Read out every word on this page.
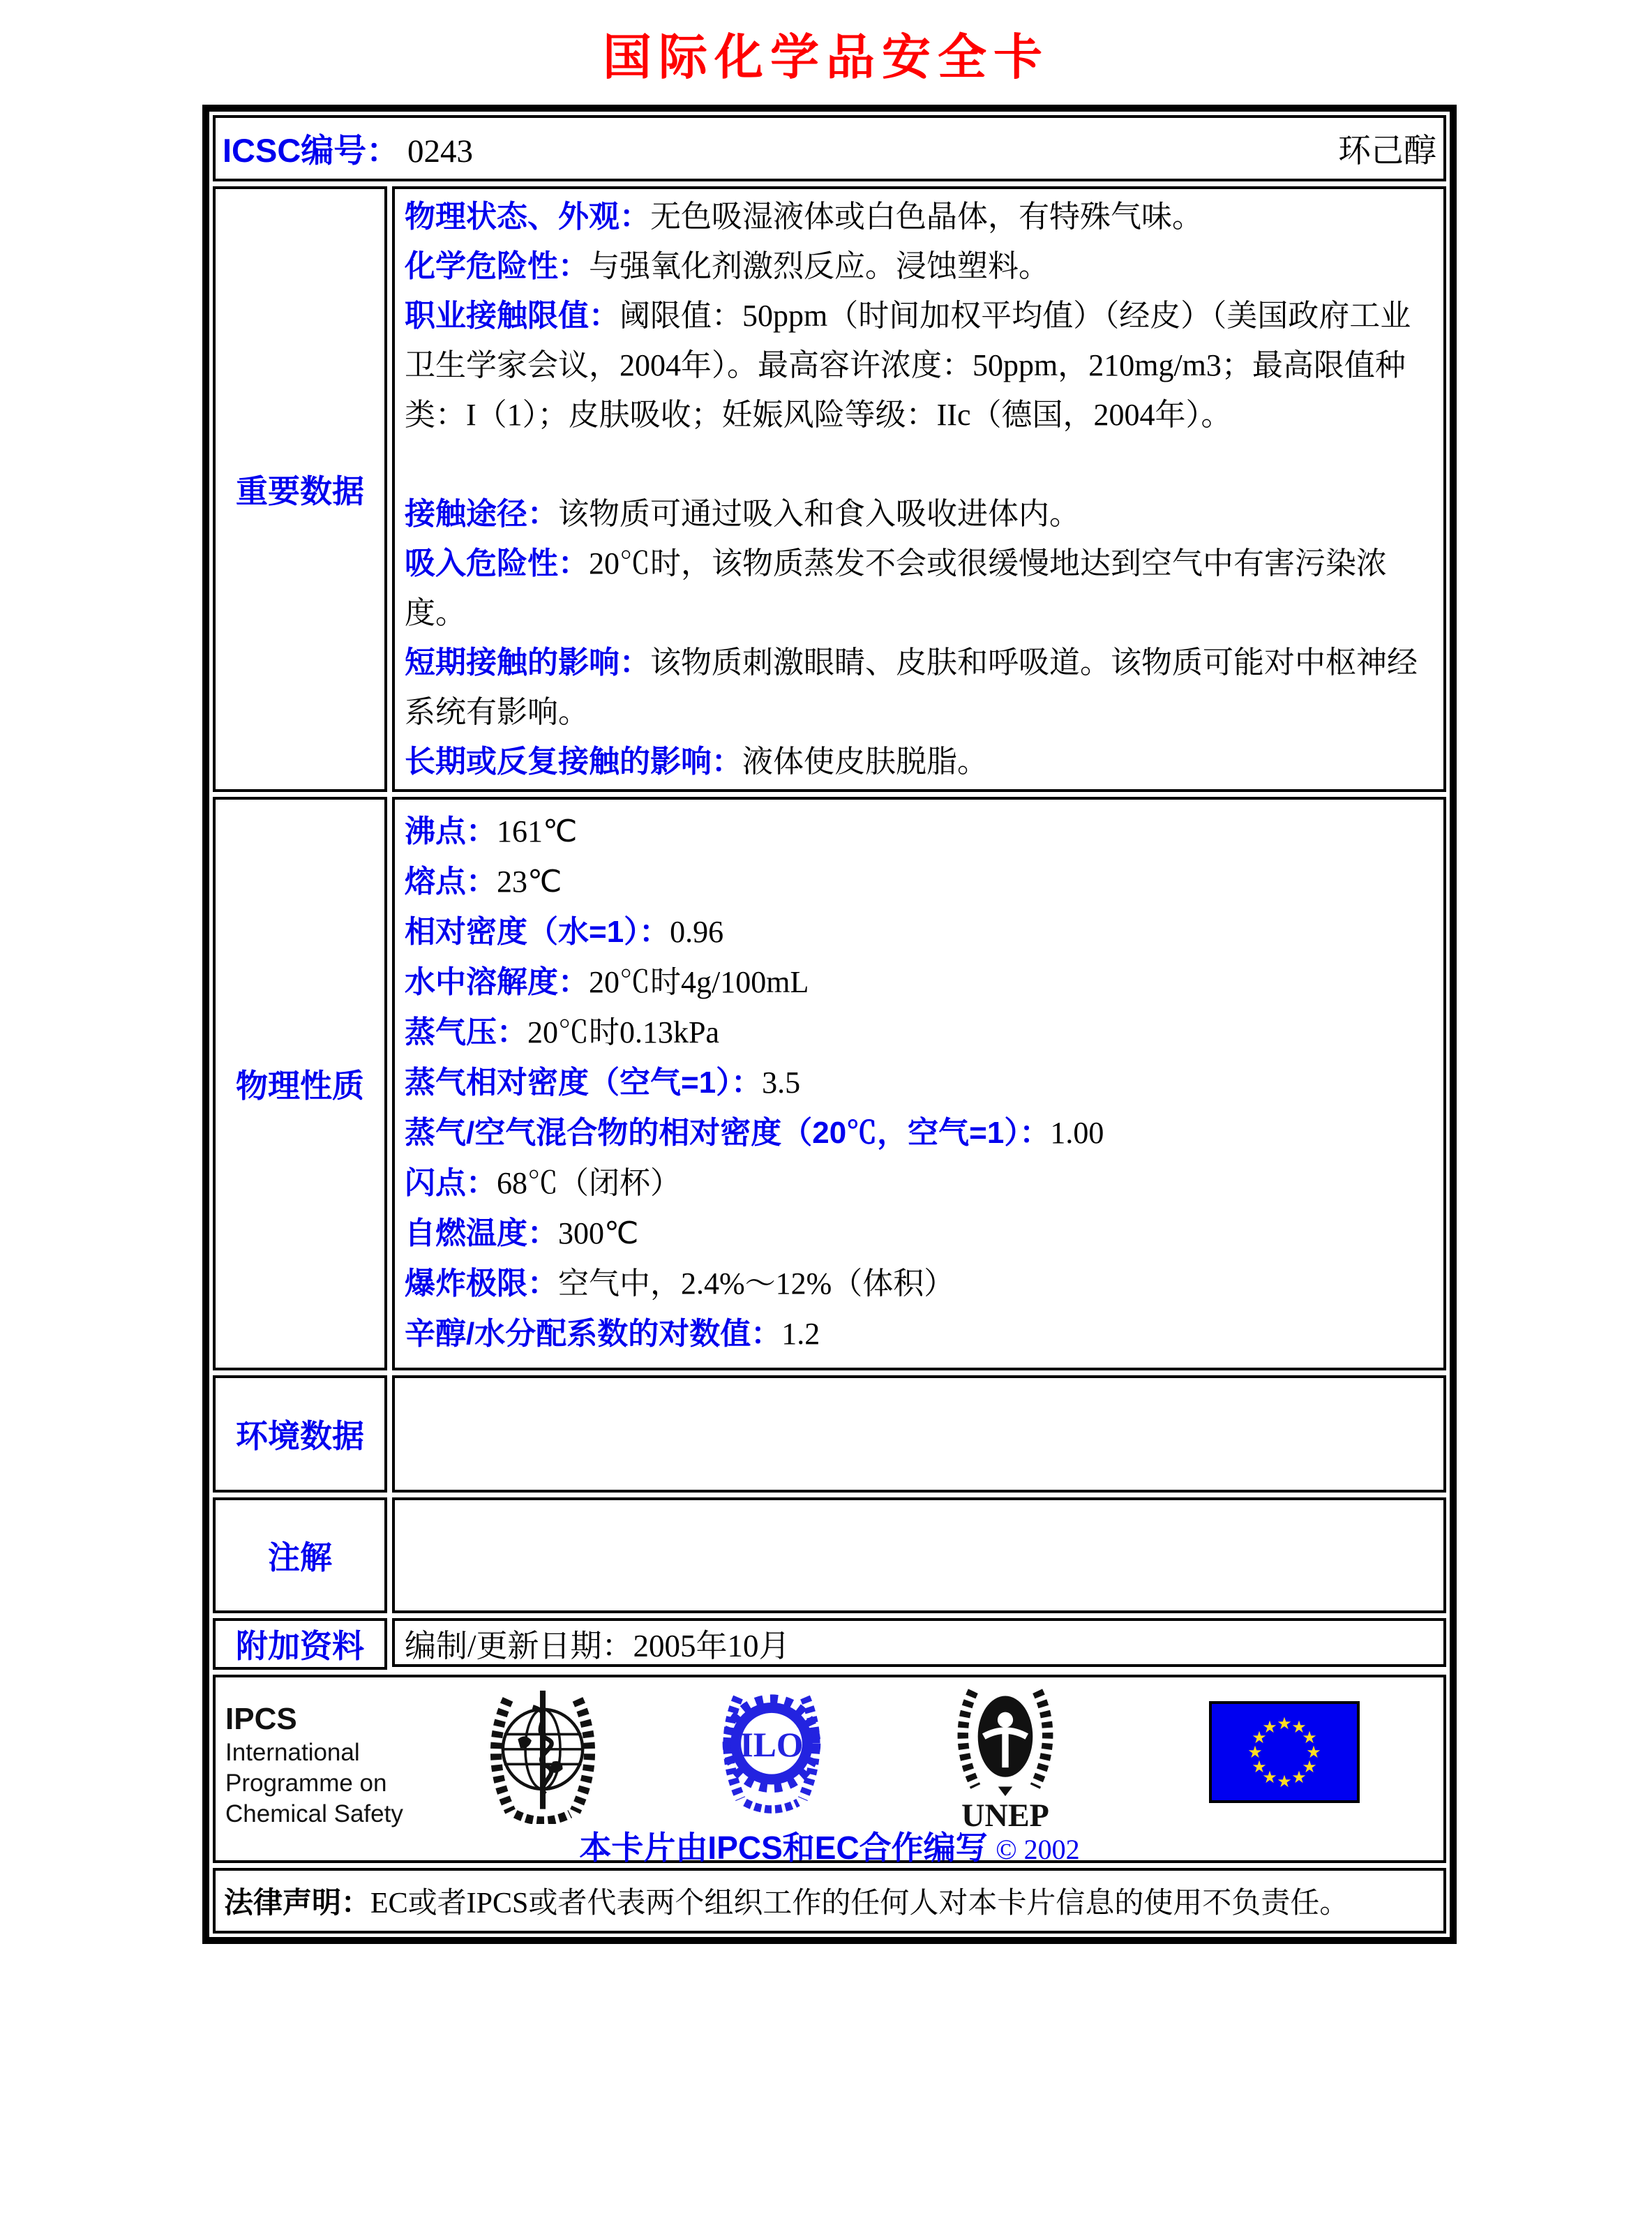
国际化学品安全卡
ICSC编号： 0243	环己醇
重要数据

物理状态、外观：无色吸湿液体或白色晶体，有特殊气味。

化学危险性：与强氧化剂激烈反应。浸蚀塑料。

职业接触限值：阈限值：50ppm（时间加权平均值）（经皮）（美国政府工业卫生学家会议，2004年）。最高容许浓度：50ppm，210mg/m3；最高限值种类：I（1）；皮肤吸收；妊娠风险等级：IIc（德国，2004年）。

接触途径：该物质可通过吸入和食入吸收进体内。

吸入危险性：20℃时，该物质蒸发不会或很缓慢地达到空气中有害污染浓度。

短期接触的影响：该物质刺激眼睛、皮肤和呼吸道。该物质可能对中枢神经系统有影响。

长期或反复接触的影响：液体使皮肤脱脂。

物理性质

沸点：161℃

熔点：23℃

相对密度（水=1）：0.96

水中溶解度：20℃时4g/100mL

蒸气压：20℃时0.13kPa

蒸气相对密度（空气=1）：3.5

蒸气/空气混合物的相对密度（20℃，空气=1）：1.00

闪点：68℃（闭杯）

自燃温度：300℃

爆炸极限：空气中，2.4%～12%（体积）

辛醇/水分配系数的对数值：1.2

环境数据
注解
附加资料	编制/更新日期： 2005年10月
IPCS
International
Programme on
Chemical Safety
ILO
UNEP
★ ★
★
★
★
★
★
★
★
★
★
★
本卡片由IPCS和EC合作编写 © 2002
法律声明： EC或者IPCS或者代表两个组织工作的任何人对本卡片信息的使用不负责任。
